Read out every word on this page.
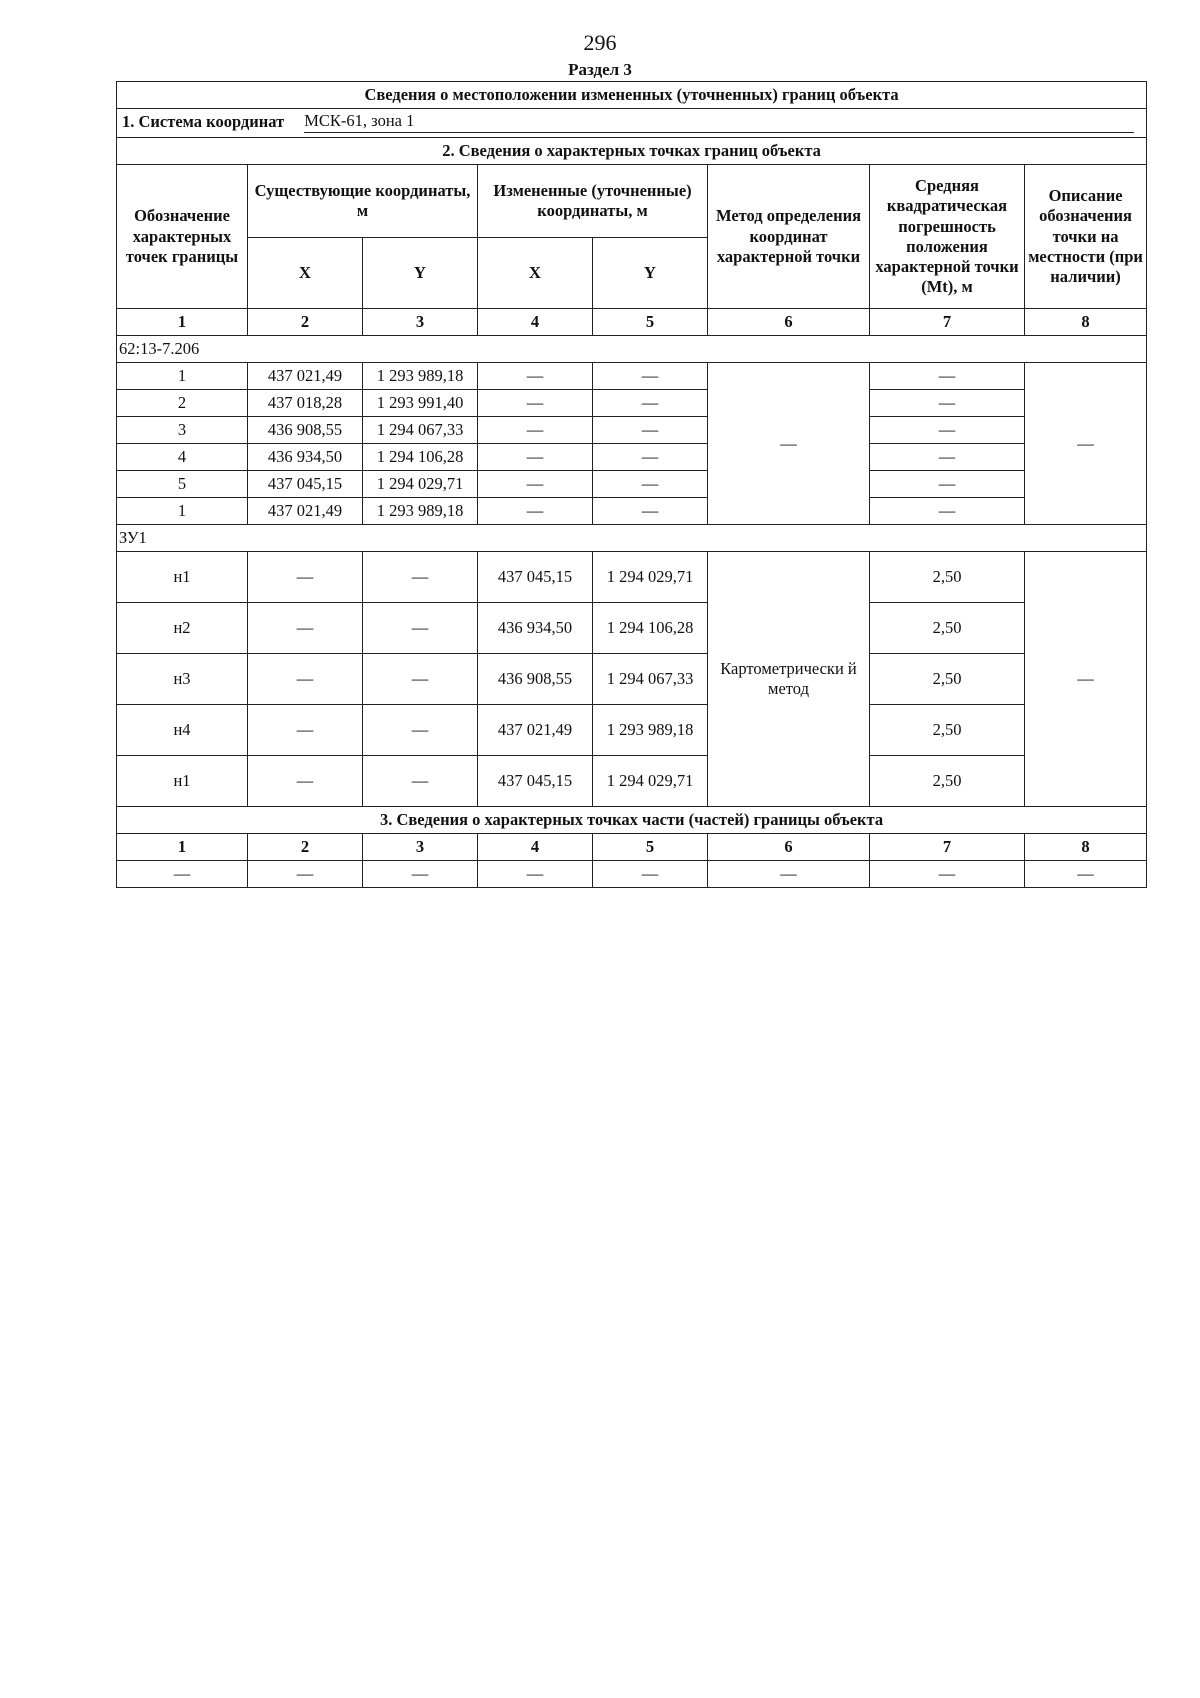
296
Раздел 3
Сведения о местоположении измененных (уточненных) границ объекта							

1. Система координат МСК-61, зона 1							

2. Сведения о характерных точках границ объекта							
Обозначение характерных точек границы	Существующие координаты, м		Измененные (уточненные) координаты, м		Метод определения координат характерной точки	Средняя квадратическая погрешность положения характерной точки (Mt), м	Описание обозначения точки на местности (при наличии)
	X	Y	X	Y			
1	2	3	4	5	6	7	8
62:13-7.206							
1	437 021,49	1 293 989,18	—	—	—	—	—
2	437 018,28	1 293 991,40	—	—		—	
3	436 908,55	1 294 067,33	—	—		—	
4	436 934,50	1 294 106,28	—	—		—	
5	437 045,15	1 294 029,71	—	—		—	
1	437 021,49	1 293 989,18	—	—		—	
ЗУ1							
н1	—	—	437 045,15	1 294 029,71	Картометрически й метод	2,50	—
н2	—	—	436 934,50	1 294 106,28		2,50	
н3	—	—	436 908,55	1 294 067,33		2,50	
н4	—	—	437 021,49	1 293 989,18		2,50	
н1	—	—	437 045,15	1 294 029,71		2,50	
3. Сведения о характерных точках части (частей) границы объекта							
1	2	3	4	5	6	7	8
—	—	—	—	—	—	—	—
